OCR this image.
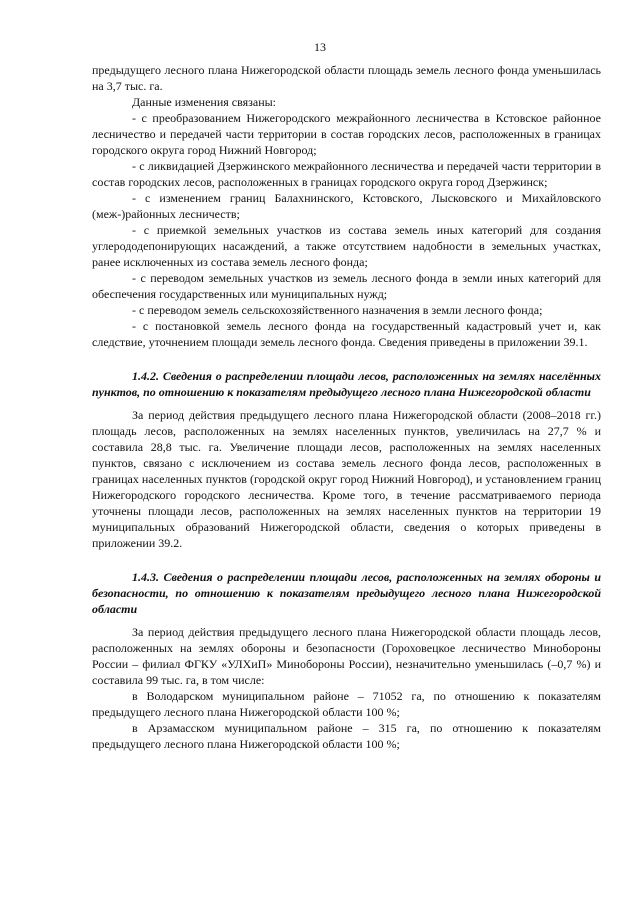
13

предыдущего лесного плана Нижегородской области площадь земель лесного фонда уменьшилась на 3,7 тыс. га.

Данные изменения связаны:

- с преобразованием Нижегородского межрайонного лесничества в Кстовское районное лесничество и передачей части территории в состав городских лесов, расположенных в границах городского округа город Нижний Новгород;

- с ликвидацией Дзержинского межрайонного лесничества и передачей части территории в состав городских лесов, расположенных в границах городского округа город Дзержинск;

- с изменением границ Балахнинского, Кстовского, Лысковского и Михайловского (меж-)районных лесничеств;

- с приемкой земельных участков из состава земель иных категорий для создания углерододепонирующих насаждений, а также отсутствием надобности в земельных участках, ранее исключенных из состава земель лесного фонда;

- с переводом земельных участков из земель лесного фонда в земли иных категорий для обеспечения государственных или муниципальных нужд;

- с переводом земель сельскохозяйственного назначения в земли лесного фонда;

- с постановкой земель лесного фонда на государственный кадастровый учет и, как следствие, уточнением площади земель лесного фонда. Сведения приведены в приложении 39.1.

1.4.2. Сведения о распределении площади лесов, расположенных на землях населённых пунктов, по отношению к показателям предыдущего лесного плана Нижегородской области

За период действия предыдущего лесного плана Нижегородской области (2008–2018 гг.) площадь лесов, расположенных на землях населенных пунктов, увеличилась на 27,7 % и составила 28,8 тыс. га. Увеличение площади лесов, расположенных на землях населенных пунктов, связано с исключением из состава земель лесного фонда лесов, расположенных в границах населенных пунктов (городской округ город Нижний Новгород), и установлением границ Нижегородского городского лесничества. Кроме того, в течение рассматриваемого периода уточнены площади лесов, расположенных на землях населенных пунктов на территории 19 муниципальных образований Нижегородской области, сведения о которых приведены в приложении 39.2.

1.4.3. Сведения о распределении площади лесов, расположенных на землях обороны и безопасности, по отношению к показателям предыдущего лесного плана Нижегородской области

За период действия предыдущего лесного плана Нижегородской области площадь лесов, расположенных на землях обороны и безопасности (Гороховецкое лесничество Минобороны России – филиал ФГКУ «УЛХиП» Минобороны России), незначительно уменьшилась (–0,7 %) и составила 99 тыс. га, в том числе:

в Володарском муниципальном районе – 71052 га, по отношению к показателям предыдущего лесного плана Нижегородской области 100 %;

в Арзамасском муниципальном районе – 315 га, по отношению к показателям предыдущего лесного плана Нижегородской области 100 %;
